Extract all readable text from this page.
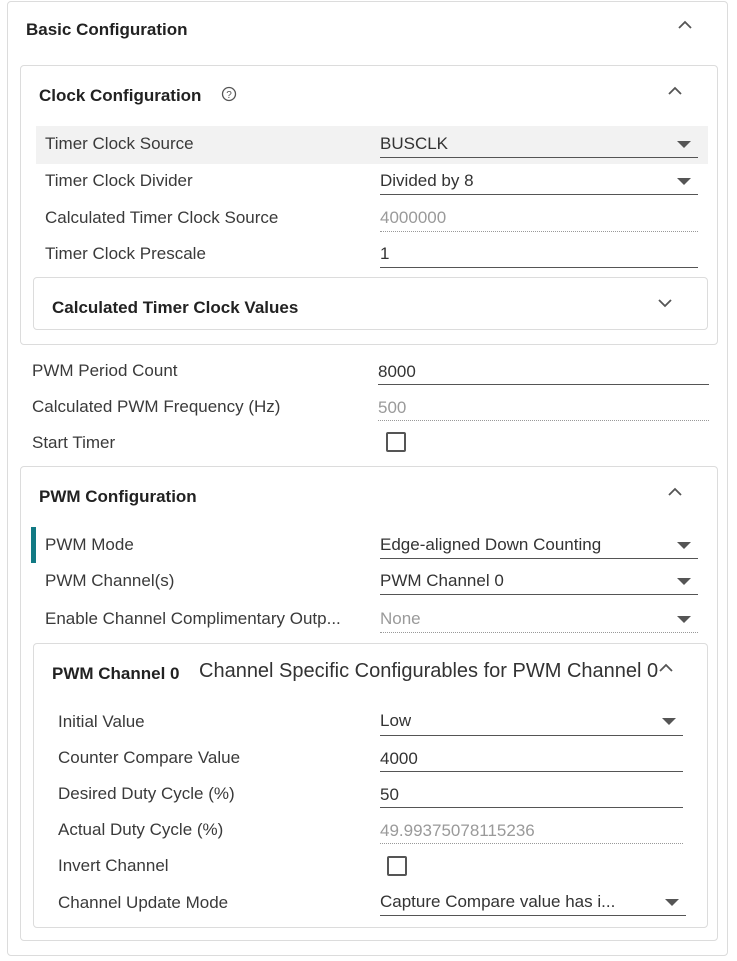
Basic Configuration
Clock Configuration ?
Timer Clock Source	BUSCLK
Timer Clock Divider	Divided by 8
Calculated Timer Clock Source	4000000
Timer Clock Prescale	1
Calculated Timer Clock Values
PWM Period Count	8000
Calculated PWM Frequency (Hz)	500
Start Timer
PWM Configuration
PWM Mode	Edge-aligned Down Counting
PWM Channel(s)	PWM Channel 0
Enable Channel Complimentary Outp...	None
PWM Channel 0 Channel Specific Configurables for PWM Channel 0
Initial Value	Low
Counter Compare Value	4000
Desired Duty Cycle (%)	50
Actual Duty Cycle (%)	49.99375078115236
Invert Channel
Channel Update Mode	Capture Compare value has i...
